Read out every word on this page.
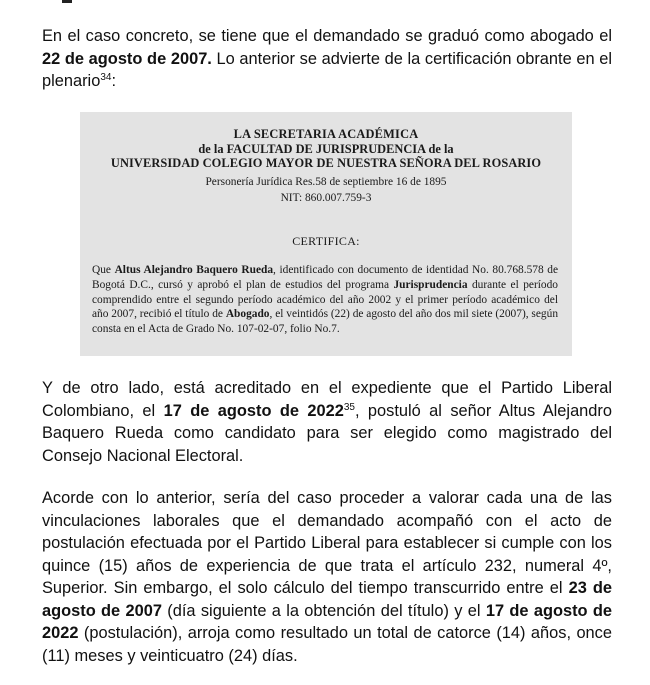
En el caso concreto, se tiene que el demandado se graduó como abogado el 22 de agosto de 2007. Lo anterior se advierte de la certificación obrante en el plenario$^{34}$:

LA SECRETARIA ACADÉMICA
de la FACULTAD DE JURISPRUDENCIA de la
UNIVERSIDAD COLEGIO MAYOR DE NUESTRA SEÑORA DEL ROSARIO
Personería Jurídica Res.58 de septiembre 16 de 1895
NIT: 860.007.759-3
CERTIFICA:

Que Altus Alejandro Baquero Rueda, identificado con documento de identidad No. 80.768.578 de Bogotá D.C., cursó y aprobó el plan de estudios del programa Jurisprudencia durante el período comprendido entre el segundo período académico del año 2002 y el primer período académico del año 2007, recibió el título de Abogado, el veintidós (22) de agosto del año dos mil siete (2007), según consta en el Acta de Grado No. 107-02-07, folio No.7.

Y de otro lado, está acreditado en el expediente que el Partido Liberal Colombiano, el 17 de agosto de 2022$^{35}$, postuló al señor Altus Alejandro Baquero Rueda como candidato para ser elegido como magistrado del Consejo Nacional Electoral.

Acorde con lo anterior, sería del caso proceder a valorar cada una de las vinculaciones laborales que el demandado acompañó con el acto de postulación efectuada por el Partido Liberal para establecer si cumple con los quince (15) años de experiencia de que trata el artículo 232, numeral 4º, Superior. Sin embargo, el solo cálculo del tiempo transcurrido entre el 23 de agosto de 2007 (día siguiente a la obtención del título) y el 17 de agosto de 2022 (postulación), arroja como resultado un total de catorce (14) años, once (11) meses y veinticuatro (24) días.
